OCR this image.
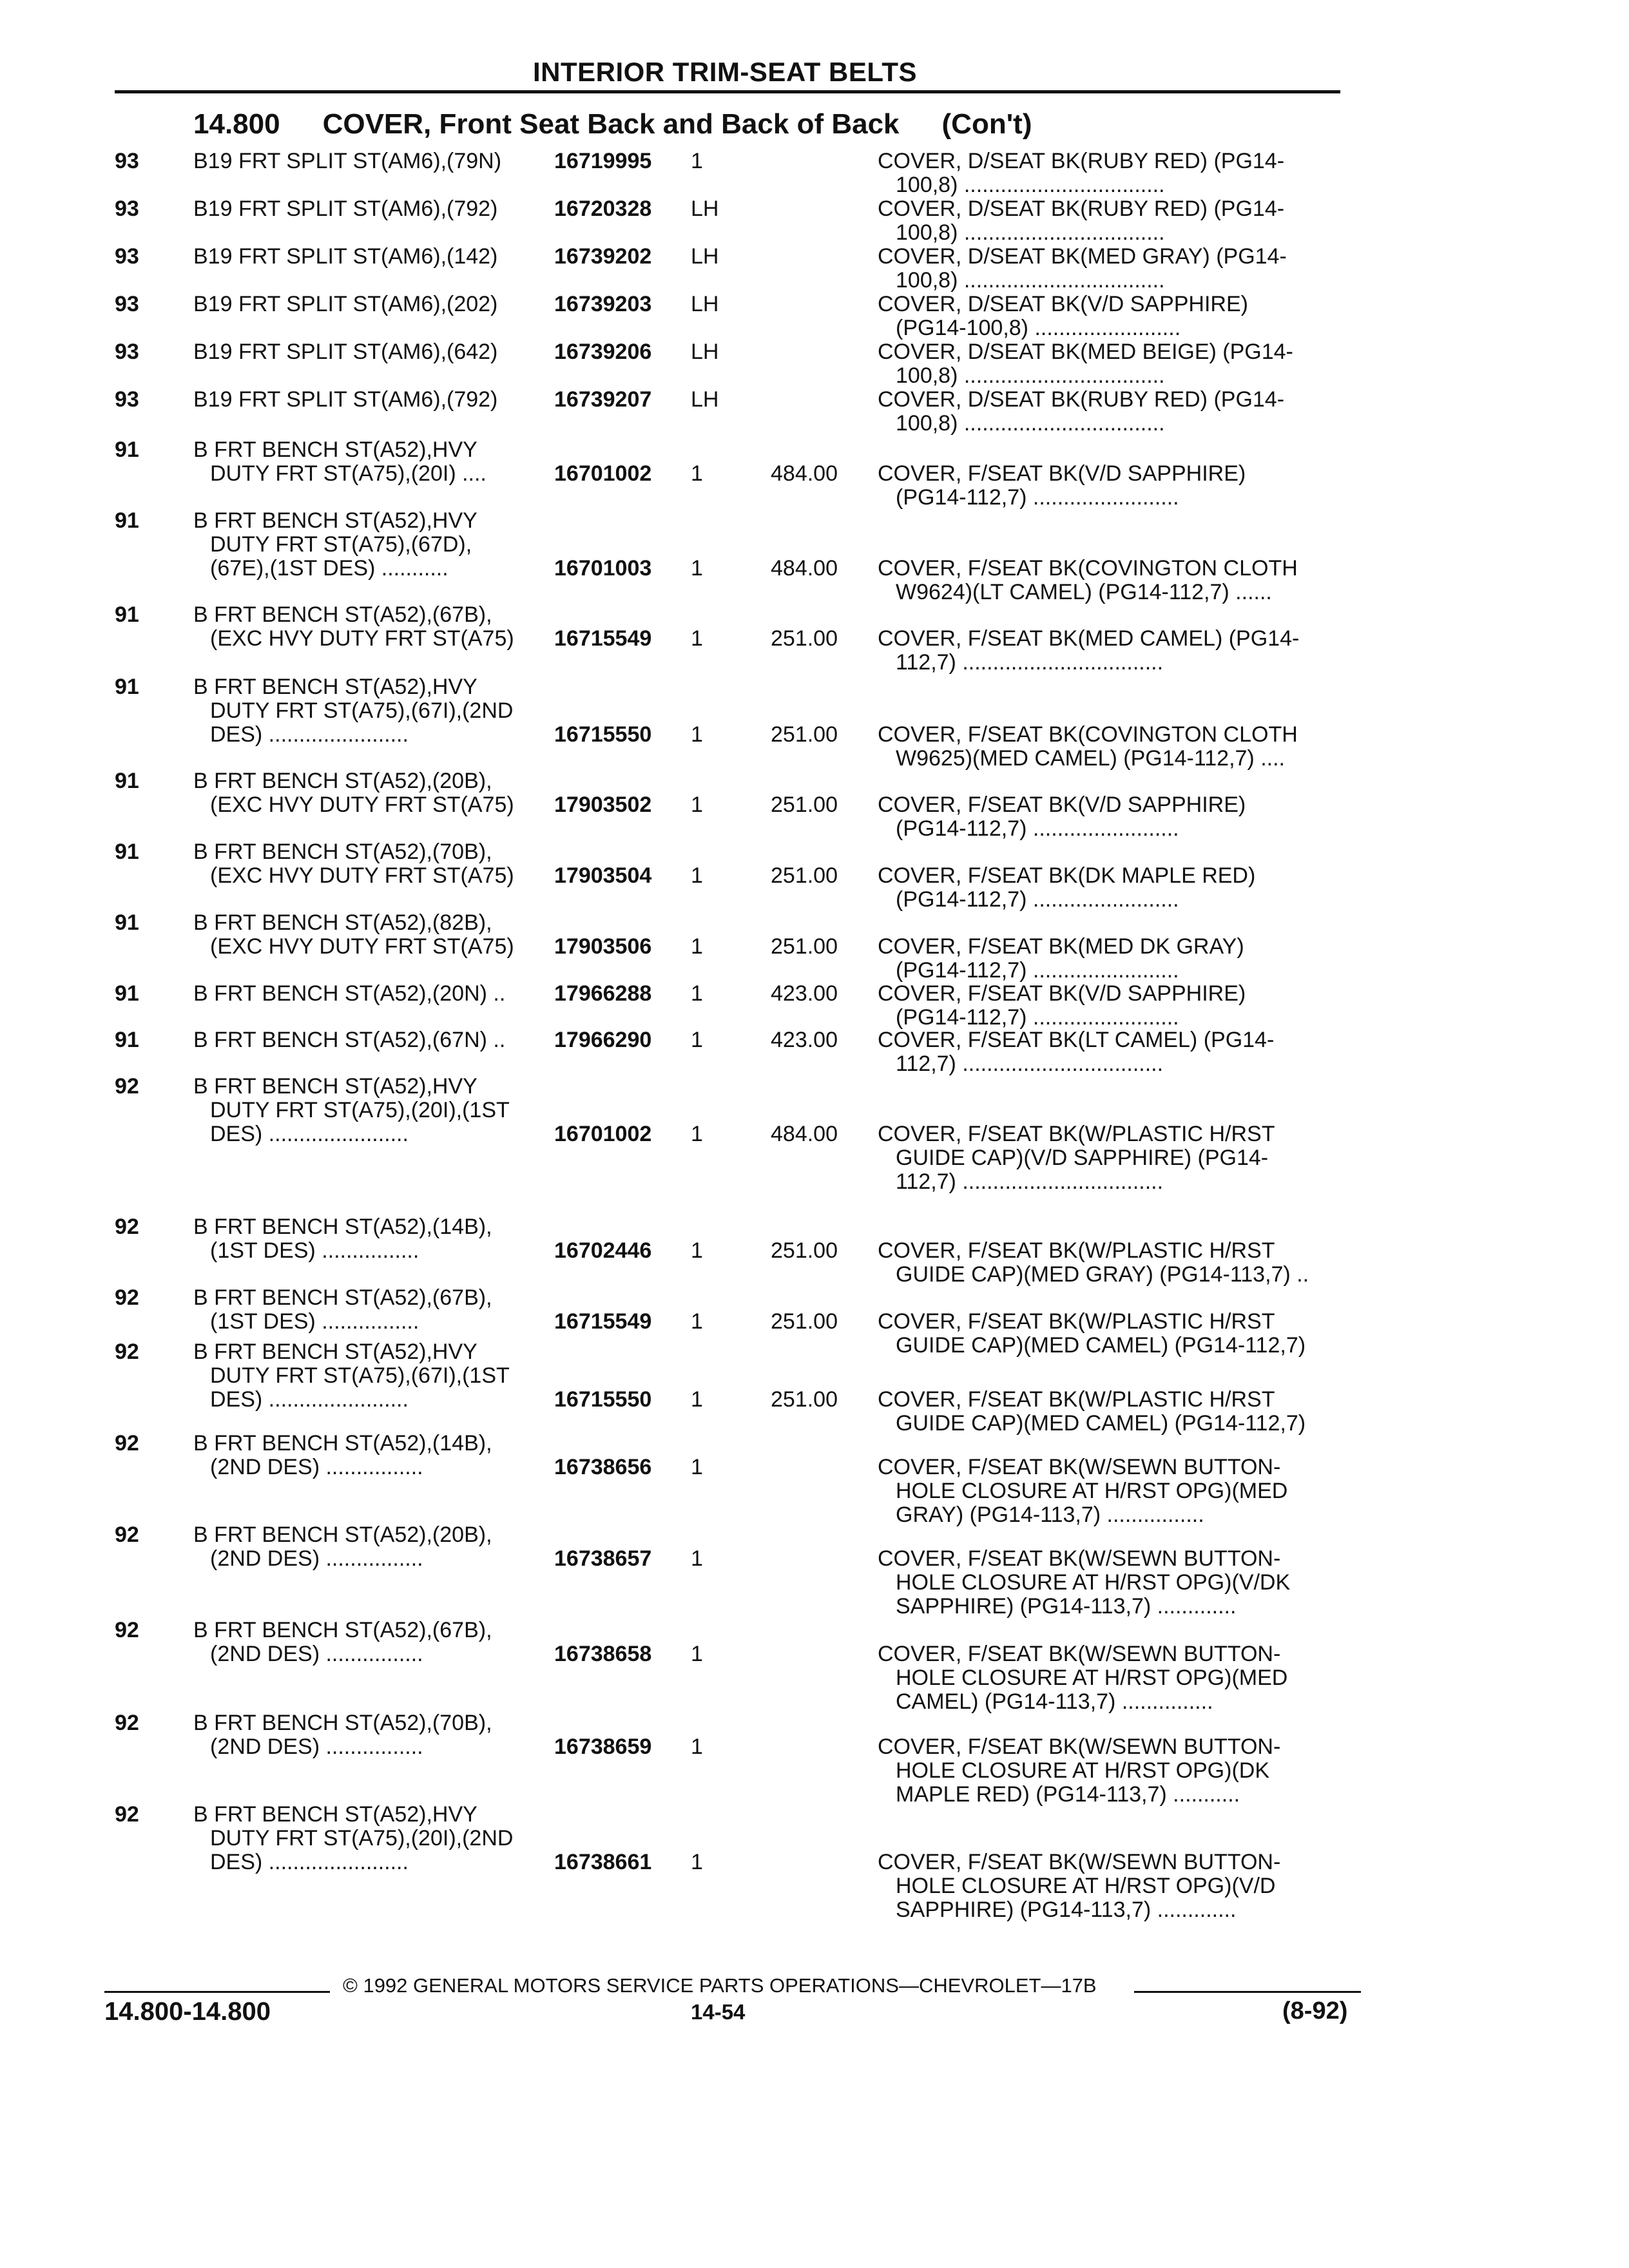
INTERIOR TRIM-SEAT BELTS
14.800 COVER, Front Seat Back and Back of Back (Con't)
93 B19 FRT SPLIT ST(AM6),(79N)	16719995 1	COVER, D/SEAT BK(RUBY RED) (PG14-
100,8) .................................
93 B19 FRT SPLIT ST(AM6),(792)	16720328 LH	COVER, D/SEAT BK(RUBY RED) (PG14-
100,8) .................................
93 B19 FRT SPLIT ST(AM6),(142)	16739202 LH	COVER, D/SEAT BK(MED GRAY) (PG14-
100,8) .................................
93 B19 FRT SPLIT ST(AM6),(202)	16739203 LH	COVER, D/SEAT BK(V/D SAPPHIRE)
(PG14-100,8) ........................
93 B19 FRT SPLIT ST(AM6),(642)	16739206 LH	COVER, D/SEAT BK(MED BEIGE) (PG14-
100,8) .................................
93 B19 FRT SPLIT ST(AM6),(792)	16739207 LH	COVER, D/SEAT BK(RUBY RED) (PG14-
100,8) .................................
91 B FRT BENCH ST(A52),HVY
DUTY FRT ST(A75),(20I) ....	16701002 1	484.00 COVER, F/SEAT BK(V/D SAPPHIRE)
(PG14-112,7) ........................
91 B FRT BENCH ST(A52),HVY
DUTY FRT ST(A75),(67D),
(67E),(1ST DES) ...........	16701003 1	484.00 COVER, F/SEAT BK(COVINGTON CLOTH
W9624)(LT CAMEL) (PG14-112,7) ......
91 B FRT BENCH ST(A52),(67B),
(EXC HVY DUTY FRT ST(A75)	16715549 1	251.00 COVER, F/SEAT BK(MED CAMEL) (PG14-
112,7) .................................
91 B FRT BENCH ST(A52),HVY
DUTY FRT ST(A75),(67I),(2ND
DES) .......................	16715550 1	251.00 COVER, F/SEAT BK(COVINGTON CLOTH
W9625)(MED CAMEL) (PG14-112,7) ....
91 B FRT BENCH ST(A52),(20B),
(EXC HVY DUTY FRT ST(A75)	17903502 1	251.00 COVER, F/SEAT BK(V/D SAPPHIRE)
(PG14-112,7) ........................
91 B FRT BENCH ST(A52),(70B),
(EXC HVY DUTY FRT ST(A75)	17903504 1	251.00 COVER, F/SEAT BK(DK MAPLE RED)
(PG14-112,7) ........................
91 B FRT BENCH ST(A52),(82B),
(EXC HVY DUTY FRT ST(A75)	17903506 1	251.00 COVER, F/SEAT BK(MED DK GRAY)
(PG14-112,7) ........................
91 B FRT BENCH ST(A52),(20N) ..	17966288 1	423.00 COVER, F/SEAT BK(V/D SAPPHIRE)
(PG14-112,7) ........................
91 B FRT BENCH ST(A52),(67N) ..	17966290 1	423.00 COVER, F/SEAT BK(LT CAMEL) (PG14-
112,7) .................................
92 B FRT BENCH ST(A52),HVY
DUTY FRT ST(A75),(20I),(1ST
DES) .......................	16701002 1	484.00 COVER, F/SEAT BK(W/PLASTIC H/RST
GUIDE CAP)(V/D SAPPHIRE) (PG14-
112,7) .................................
92 B FRT BENCH ST(A52),(14B),
(1ST DES) ................	16702446 1	251.00 COVER, F/SEAT BK(W/PLASTIC H/RST
GUIDE CAP)(MED GRAY) (PG14-113,7) ..
92 B FRT BENCH ST(A52),(67B),
(1ST DES) ................	16715549 1	251.00 COVER, F/SEAT BK(W/PLASTIC H/RST
GUIDE CAP)(MED CAMEL) (PG14-112,7)
92 B FRT BENCH ST(A52),HVY
DUTY FRT ST(A75),(67I),(1ST
DES) .......................	16715550 1	251.00 COVER, F/SEAT BK(W/PLASTIC H/RST
GUIDE CAP)(MED CAMEL) (PG14-112,7)
92 B FRT BENCH ST(A52),(14B),
(2ND DES) ................	16738656 1	COVER, F/SEAT BK(W/SEWN BUTTON-
HOLE CLOSURE AT H/RST OPG)(MED
GRAY) (PG14-113,7) ................
92 B FRT BENCH ST(A52),(20B),
(2ND DES) ................	16738657 1	COVER, F/SEAT BK(W/SEWN BUTTON-
HOLE CLOSURE AT H/RST OPG)(V/DK
SAPPHIRE) (PG14-113,7) .............
92 B FRT BENCH ST(A52),(67B),
(2ND DES) ................	16738658 1	COVER, F/SEAT BK(W/SEWN BUTTON-
HOLE CLOSURE AT H/RST OPG)(MED
CAMEL) (PG14-113,7) ...............
92 B FRT BENCH ST(A52),(70B),
(2ND DES) ................	16738659 1	COVER, F/SEAT BK(W/SEWN BUTTON-
HOLE CLOSURE AT H/RST OPG)(DK
MAPLE RED) (PG14-113,7) ...........
92 B FRT BENCH ST(A52),HVY
DUTY FRT ST(A75),(20I),(2ND
DES) .......................	16738661 1	COVER, F/SEAT BK(W/SEWN BUTTON-
HOLE CLOSURE AT H/RST OPG)(V/D
SAPPHIRE) (PG14-113,7) .............
© 1992 GENERAL MOTORS SERVICE PARTS OPERATIONS—CHEVROLET—17B
14.800-14.800	14-54	(8-92)
